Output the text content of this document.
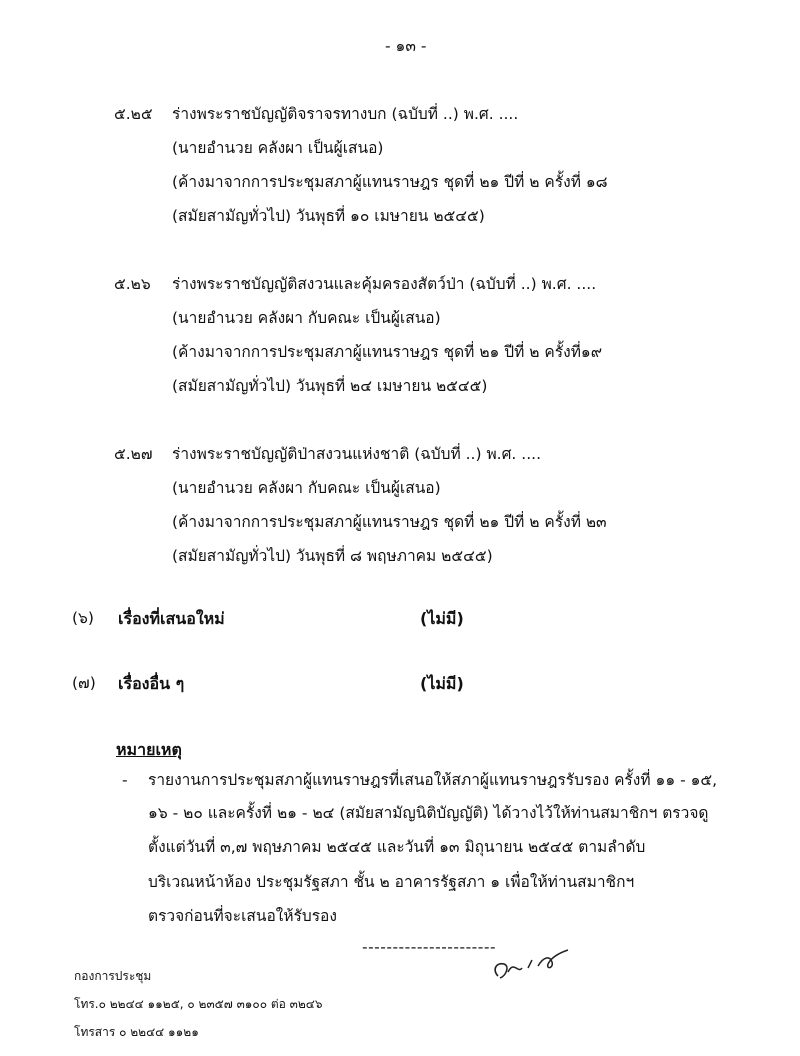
- ๑๓ -
๕.๒๕ ร่างพระราชบัญญัติจราจรทางบก (ฉบับที่ ..) พ.ศ. ....
(นายอำนวย คลังผา เป็นผู้เสนอ)
(ค้างมาจากการประชุมสภาผู้แทนราษฎร ชุดที่ ๒๑ ปีที่ ๒ ครั้งที่ ๑๘
(สมัยสามัญทั่วไป) วันพุธที่ ๑๐ เมษายน ๒๕๔๕)
๕.๒๖ ร่างพระราชบัญญัติสงวนและคุ้มครองสัตว์ป่า (ฉบับที่ ..) พ.ศ. ....
(นายอำนวย คลังผา กับคณะ เป็นผู้เสนอ)
(ค้างมาจากการประชุมสภาผู้แทนราษฎร ชุดที่ ๒๑ ปีที่ ๒ ครั้งที่๑๙
(สมัยสามัญทั่วไป) วันพุธที่ ๒๔ เมษายน ๒๕๔๕)
๕.๒๗ ร่างพระราชบัญญัติป่าสงวนแห่งชาติ (ฉบับที่ ..) พ.ศ. ....
(นายอำนวย คลังผา กับคณะ เป็นผู้เสนอ)
(ค้างมาจากการประชุมสภาผู้แทนราษฎร ชุดที่ ๒๑ ปีที่ ๒ ครั้งที่ ๒๓
(สมัยสามัญทั่วไป) วันพุธที่ ๘ พฤษภาคม ๒๕๔๕)
(๖) เรื่องที่เสนอใหม่	(ไม่มี)
(๗) เรื่องอื่น ๆ	(ไม่มี)
หมายเหตุ
- รายงานการประชุมสภาผู้แทนราษฎรที่เสนอให้สภาผู้แทนราษฎรรับรอง ครั้งที่ ๑๑ - ๑๕,
๑๖ - ๒๐ และครั้งที่ ๒๑ - ๒๔ (สมัยสามัญนิติบัญญัติ) ได้วางไว้ให้ท่านสมาชิกฯ ตรวจดู
ตั้งแต่วันที่ ๓,๗ พฤษภาคม ๒๕๔๕ และวันที่ ๑๓ มิถุนายน ๒๕๔๕ ตามลำดับ
บริเวณหน้าห้อง ประชุมรัฐสภา ชั้น ๒ อาคารรัฐสภา ๑ เพื่อให้ท่านสมาชิกฯ
ตรวจก่อนที่จะเสนอให้รับรอง
----------------------
กองการประชุม
โทร.๐ ๒๒๔๔ ๑๑๒๕, ๐ ๒๓๕๗ ๓๑๐๐ ต่อ ๓๒๔๖
โทรสาร ๐ ๒๒๔๔ ๑๑๒๑
